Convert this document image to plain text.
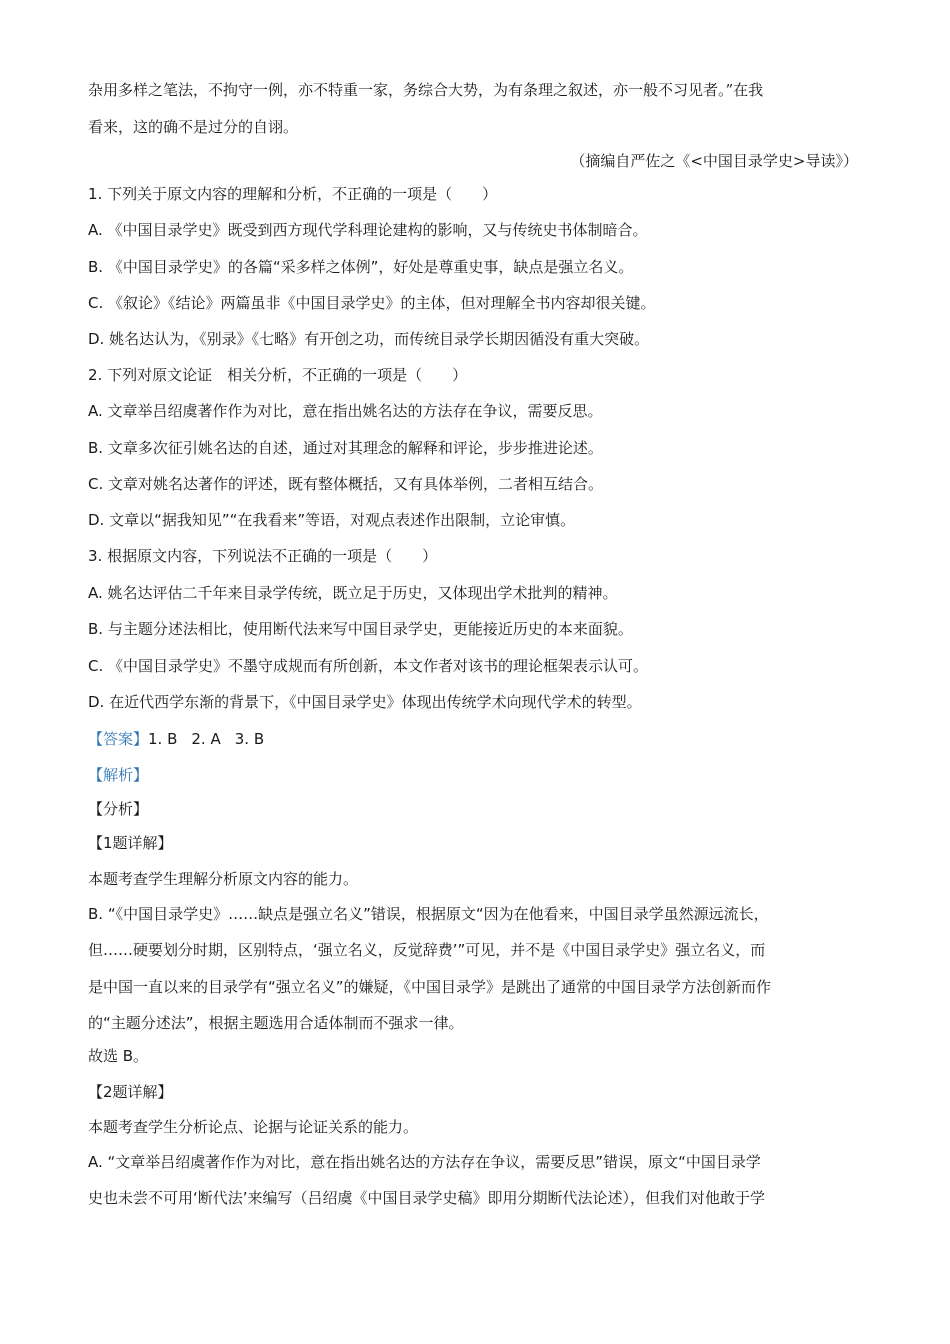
杂用多样之笔法，不拘守一例，亦不特重一家，务综合大势，为有条理之叙述，亦一般不习见者。”在我
看来，这的确不是过分的自诩。
（摘编自严佐之《<中国目录学史>导读》）
1. 下列关于原文内容的理解和分析，不正确的一项是（　　）
A. 《中国目录学史》既受到西方现代学科理论建构的影响，又与传统史书体制暗合。
B. 《中国目录学史》的各篇“采多样之体例”，好处是尊重史事，缺点是强立名义。
C. 《叙论》《结论》两篇虽非《中国目录学史》的主体，但对理解全书内容却很关键。
D. 姚名达认为，《别录》《七略》有开创之功，而传统目录学长期因循没有重大突破。
2. 下列对原文论证　相关分析，不正确的一项是（　　）
A. 文章举吕绍虞著作作为对比，意在指出姚名达的方法存在争议，需要反思。
B. 文章多次征引姚名达的自述，通过对其理念的解释和评论，步步推进论述。
C. 文章对姚名达著作的评述，既有整体概括，又有具体举例，二者相互结合。
D. 文章以“据我知见”“在我看来”等语，对观点表述作出限制，立论审慎。
3. 根据原文内容，下列说法不正确的一项是（　　）
A. 姚名达评估二千年来目录学传统，既立足于历史，又体现出学术批判的精神。
B. 与主题分述法相比，使用断代法来写中国目录学史，更能接近历史的本来面貌。
C. 《中国目录学史》不墨守成规而有所创新，本文作者对该书的理论框架表示认可。
D. 在近代西学东渐的背景下，《中国目录学史》体现出传统学术向现代学术的转型。
【答案】1. B 2. A 3. B
【解析】
【分析】
【1题详解】
本题考查学生理解分析原文内容的能力。
B. “《中国目录学史》……缺点是强立名义”错误，根据原文“因为在他看来，中国目录学虽然源远流长，
但……硬要划分时期，区别特点，‘强立名义，反觉辞费’”可见，并不是《中国目录学史》强立名义，而
是中国一直以来的目录学有“强立名义”的嫌疑，《中国目录学》是跳出了通常的中国目录学方法创新而作
的“主题分述法”，根据主题选用合适体制而不强求一律。
故选 B。
【2题详解】
本题考查学生分析论点、论据与论证关系的能力。
A. “文章举吕绍虞著作作为对比，意在指出姚名达的方法存在争议，需要反思”错误，原文“中国目录学
史也未尝不可用‘断代法’来编写（吕绍虞《中国目录学史稿》即用分期断代法论述），但我们对他敢于学
